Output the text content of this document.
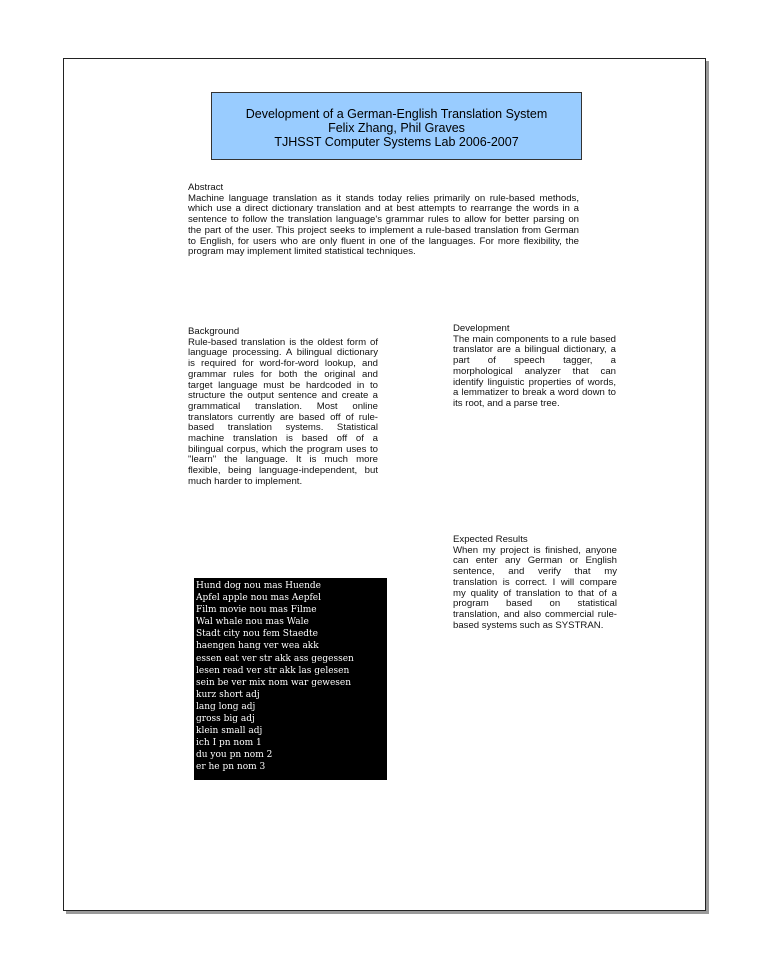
Development of a German-English Translation System
Felix Zhang, Phil Graves
TJHSST Computer Systems Lab 2006-2007
Abstract
Machine language translation as it stands today relies primarily on rule-based methods, which use a direct dictionary translation and at best attempts to rearrange the words in a sentence to follow the translation language's grammar rules to allow for better parsing on the part of the user. This project seeks to implement a rule-based translation from German to English, for users who are only fluent in one of the languages. For more flexibility, the program may implement limited statistical techniques.
Background
Rule-based translation is the oldest form of language processing. A bilingual dictionary is required for word-for-word lookup, and grammar rules for both the original and target language must be hardcoded in to structure the output sentence and create a grammatical translation. Most online translators currently are based off of rule-based translation systems. Statistical machine translation is based off of a bilingual corpus, which the program uses to "learn" the language. It is much more flexible, being language-independent, but much harder to implement.
Development
The main components to a rule based translator are a bilingual dictionary, a part of speech tagger, a morphological analyzer that can identify linguistic properties of words, a lemmatizer to break a word down to its root, and a parse tree.
Expected Results
When my project is finished, anyone can enter any German or English sentence, and verify that my translation is correct. I will compare my quality of translation to that of a program based on statistical translation, and also commercial rule-based systems such as SYSTRAN.
Hund dog nou mas Huende
Apfel apple nou mas Aepfel
Film movie nou mas Filme
Wal whale nou mas Wale
Stadt city nou fem Staedte
haengen hang ver wea akk
essen eat ver str akk ass gegessen
lesen read ver str akk las gelesen
sein be ver mix nom war gewesen
kurz short adj
lang long adj
gross big adj
klein small adj
ich I pn nom 1
du you pn nom 2
er he pn nom 3
